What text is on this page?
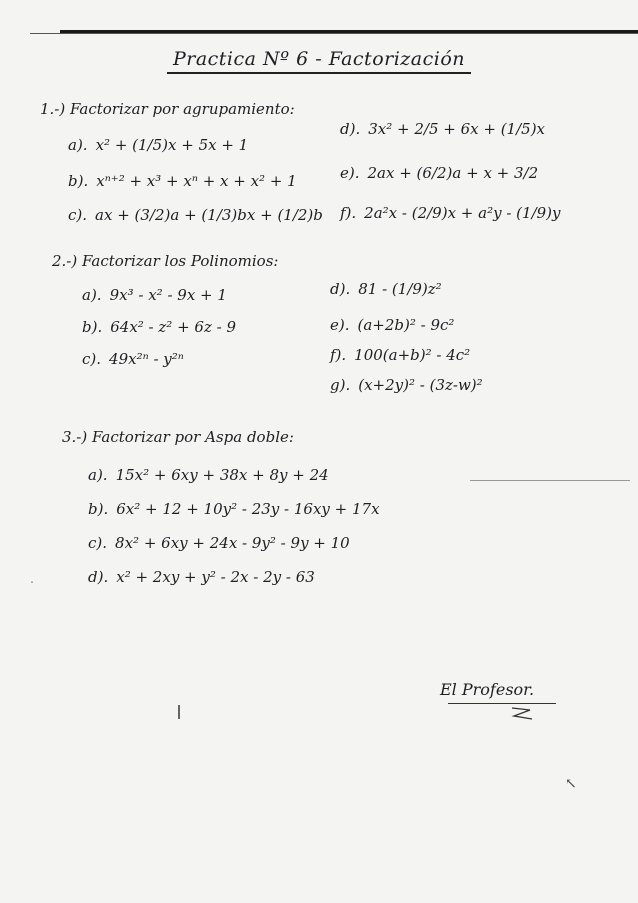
Practica Nº 6 - Factorización
1.-) Factorizar por agrupamiento:
a). x² + (1/5)x + 5x + 1
b). xⁿ⁺² + x³ + xⁿ + x + x² + 1
c). ax + (3/2)a + (1/3)bx + (1/2)b
d). 3x² + 2/5 + 6x + (1/5)x
e). 2ax + (6/2)a + x + 3/2
f). 2a²x - (2/9)x + a²y - (1/9)y
2.-) Factorizar los Polinomios:
a). 9x³ - x² - 9x + 1
b). 64x² - z² + 6z - 9
c). 49x²ⁿ - y²ⁿ
d). 81 - (1/9)z²
e). (a+2b)² - 9c²
f). 100(a+b)² - 4c²
g). (x+2y)² - (3z-w)²
3.-) Factorizar por Aspa doble:
a). 15x² + 6xy + 38x + 8y + 24
b). 6x² + 12 + 10y² - 23y - 16xy + 17x
c). 8x² + 6xy + 24x - 9y² - 9y + 10
d). x² + 2xy + y² - 2x - 2y - 63
․
El Profesor.
↖
